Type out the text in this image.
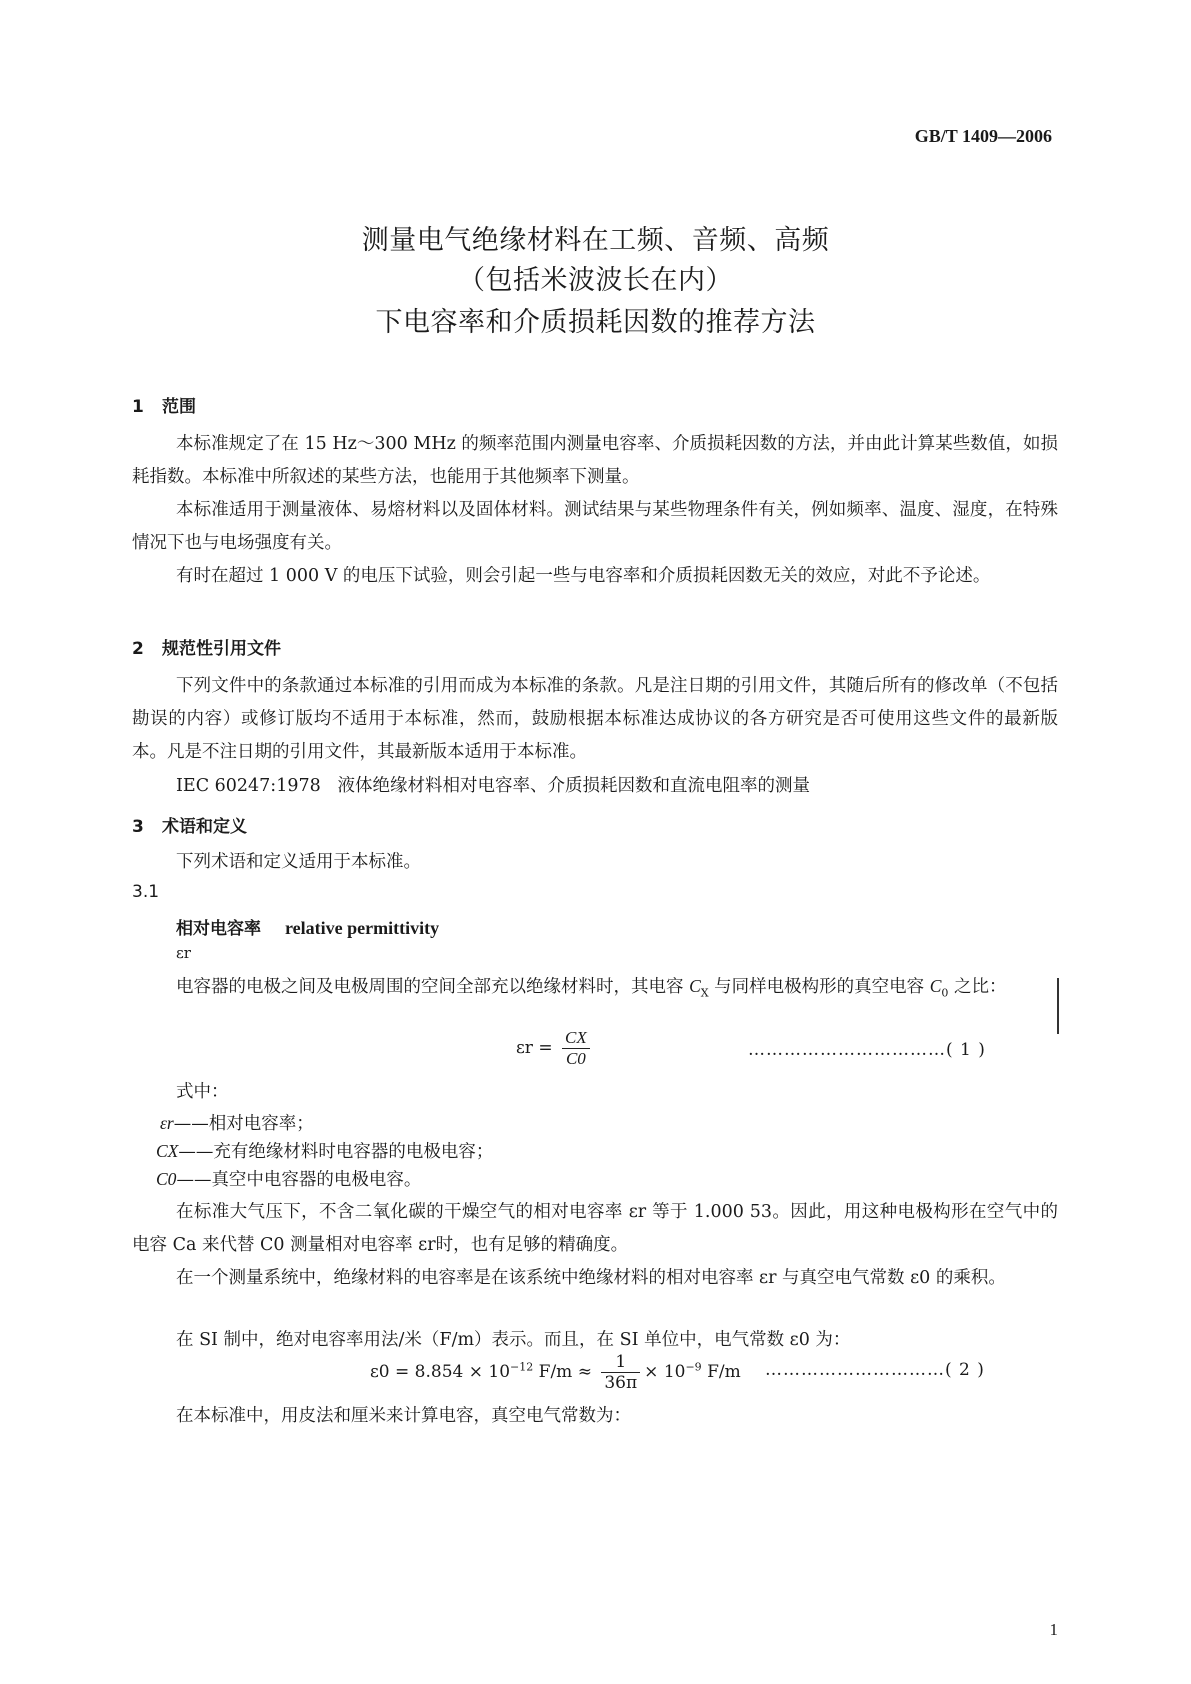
GB/T 1409—2006
测量电气绝缘材料在工频、音频、高频
（包括米波波长在内）
下电容率和介质损耗因数的推荐方法
1 范围
本标准规定了在 15 Hz～300 MHz 的频率范围内测量电容率、介质损耗因数的方法，并由此计算某些数值，如损耗指数。本标准中所叙述的某些方法，也能用于其他频率下测量。
本标准适用于测量液体、易熔材料以及固体材料。测试结果与某些物理条件有关，例如频率、温度、湿度，在特殊情况下也与电场强度有关。
有时在超过 1 000 V 的电压下试验，则会引起一些与电容率和介质损耗因数无关的效应，对此不予论述。
2 规范性引用文件
下列文件中的条款通过本标准的引用而成为本标准的条款。凡是注日期的引用文件，其随后所有的修改单（不包括勘误的内容）或修订版均不适用于本标准，然而，鼓励根据本标准达成协议的各方研究是否可使用这些文件的最新版本。凡是不注日期的引用文件，其最新版本适用于本标准。
IEC 60247:1978 液体绝缘材料相对电容率、介质损耗因数和直流电阻率的测量
3 术语和定义
下列术语和定义适用于本标准。
3.1
相对电容率 relative permittivity
εr
电容器的电极之间及电极周围的空间全部充以绝缘材料时，其电容 $C_X$ 与同样电极构形的真空电容 $C_0$ 之比：
$\varepsilon r = \frac{CX}{C0}$	……………………………( 1 )
式中：
εr——相对电容率；
CX——充有绝缘材料时电容器的电极电容；
C0——真空中电容器的电极电容。
在标准大气压下，不含二氧化碳的干燥空气的相对电容率 εr 等于 1.000 53。因此，用这种电极构形在空气中的电容 Ca 来代替 C0 测量相对电容率 εr时，也有足够的精确度。
在一个测量系统中，绝缘材料的电容率是在该系统中绝缘材料的相对电容率 εr 与真空电气常数 ε0 的乘积。
在 SI 制中，绝对电容率用法/米（F/m）表示。而且，在 SI 单位中，电气常数 ε0 为：
$\varepsilon 0 = 8.854 \times 10^{-12}$ $F/m \approx \frac{1}{36\pi} \times 10^{-9}$ F/m …………………………( 2 )
在本标准中，用皮法和厘米来计算电容，真空电气常数为：
1
